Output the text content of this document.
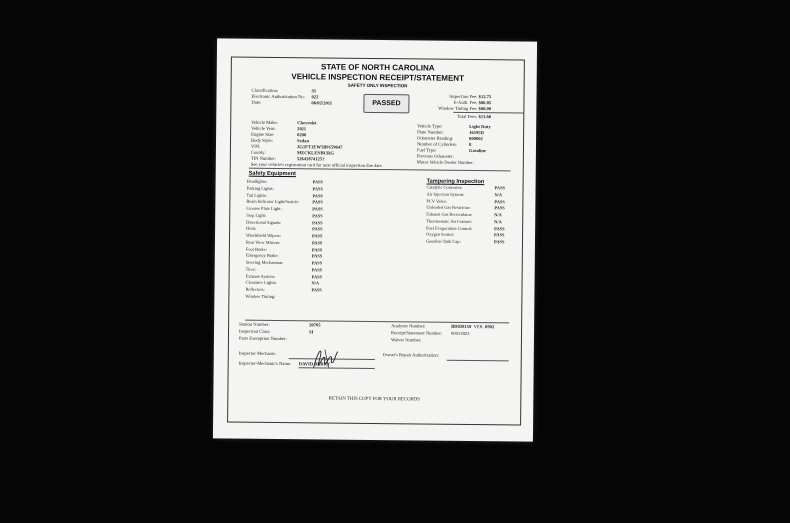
STATE OF NORTH CAROLINA
VEHICLE INSPECTION RECEIPT/STATEMENT
SAFETY ONLY INSPECTION
Classification:	SI
Electronic Authorization No: 022
Date:	06/02/2011	PASSED
Inspection Fee: $12.75
E-Auth. Fee: $00.85
Window Tinting Fee: $00.00
Total Fees: $13.60
Vehicle Make:	Chevrolet
Vehicle Year:	2011
Engine Size:	6200
Body Style:	Sedan
VIN:	2G1FT1EW5B9159647
County:	MECKLENBURG
TIN Number:	52641874125?
Vehicle Type:	Light Duty
Plate Number:	16195D
Odometer Reading:	000002
Number of Cylinders:	8
Fuel Type:	Gasoline
Previous Odometer:
Motor Vehicle Dealer Number:
See your vehicle's registration card for next official inspection due date.
Safety Equipment
Headlights:	PASS
Parking Lights:	PASS
Tail Lights:	PASS
Beam Indicator Light/Switch:	PASS
License Plate Light:	PASS
Stop Light:	PASS
Directional Signals:	PASS
Horn:	PASS
Windshield Wipers:	PASS
Rear View Mirrors:	PASS
Foot Brake:	PASS
Emergency Brake:	PASS
Steering Mechanism:	PASS
Tires:	PASS
Exhaust System:	PASS
Clearance Lights:	N/A
Reflectors:	PASS
Window Tinting:
Tampering Inspection
Catalytic Converter:	PASS
Air Injection System:	N/A
PCV Valve:	PASS
Unleaded Gas Restrictor:	PASS
Exhaust Gas Recirculator:	N/A
Thermostatic Air Control:	N/A
Fuel Evaporation Control:	PASS
Oxygen Sensor:	PASS
Gasoline Tank Cap:	PASS
Station Number:	20765
Inspection Class:	SI
Parts Exemption Number:
Analyzer Number:	BD020159 VER. 0902
Receipt/Statement Number: 00013823
Waiver Number:
Inspector Mechanic:	Owner's Repair Authorization:
Inspector-Mechanic's Name: DAVID BERRY
RETAIN THIS COPY FOR YOUR RECORDS
